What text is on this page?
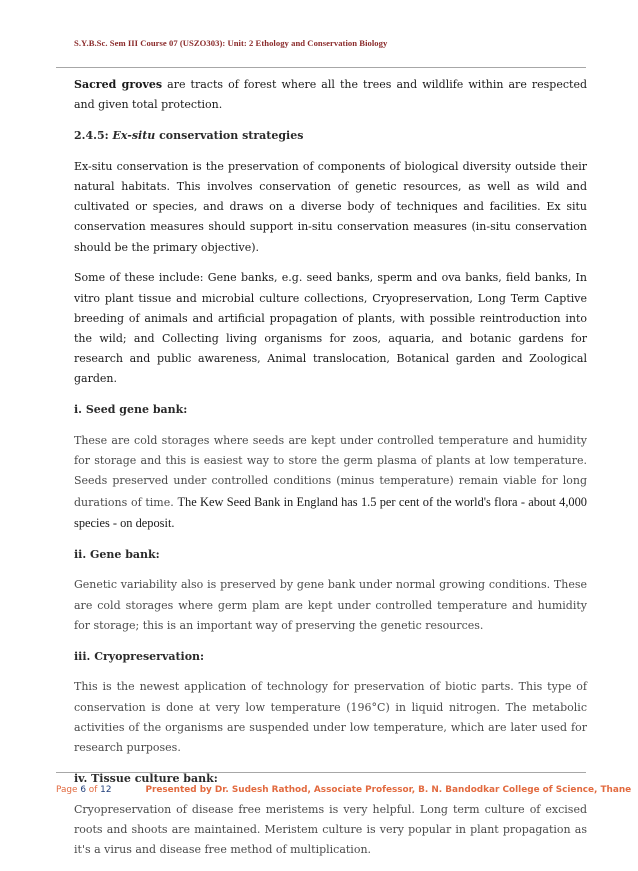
S.Y.B.Sc. Sem III Course 07 (USZO303): Unit: 2 Ethology and Conservation Biology

Sacred groves are tracts of forest where all the trees and wildlife within are respected and given total protection.

2.4.5: Ex-situ conservation strategies

Ex-situ conservation is the preservation of components of biological diversity outside their natural habitats. This involves conservation of genetic resources, as well as wild and cultivated or species, and draws on a diverse body of techniques and facilities. Ex situ conservation measures should support in-situ conservation measures (in-situ conservation should be the primary objective).

Some of these include: Gene banks, e.g. seed banks, sperm and ova banks, field banks, In vitro plant tissue and microbial culture collections, Cryopreservation, Long Term Captive breeding of animals and artificial propagation of plants, with possible reintroduction into the wild; and Collecting living organisms for zoos, aquaria, and botanic gardens for research and public awareness, Animal translocation, Botanical garden and Zoological garden.

i. Seed gene bank:

These are cold storages where seeds are kept under controlled temperature and humidity for storage and this is easiest way to store the germ plasma of plants at low temperature. Seeds preserved under controlled conditions (minus temperature) remain viable for long durations of time. The Kew Seed Bank in England has 1.5 per cent of the world's flora - about 4,000 species - on deposit.

ii. Gene bank:

Genetic variability also is preserved by gene bank under normal growing conditions. These are cold storages where germ plam are kept under controlled temperature and humidity for storage; this is an important way of preserving the genetic resources.

iii. Cryopreservation:

This is the newest application of technology for preservation of biotic parts. This type of conservation is done at very low temperature (196°C) in liquid nitrogen. The metabolic activities of the organisms are suspended under low temperature, which are later used for research purposes.

iv. Tissue culture bank:

Cryopreservation of disease free meristems is very helpful. Long term culture of excised roots and shoots are maintained. Meristem culture is very popular in plant propagation as it's a virus and disease free method of multiplication.

Page 6 of 12	Presented by Dr. Sudesh Rathod, Associate Professor, B. N. Bandodkar College of Science, Thane
